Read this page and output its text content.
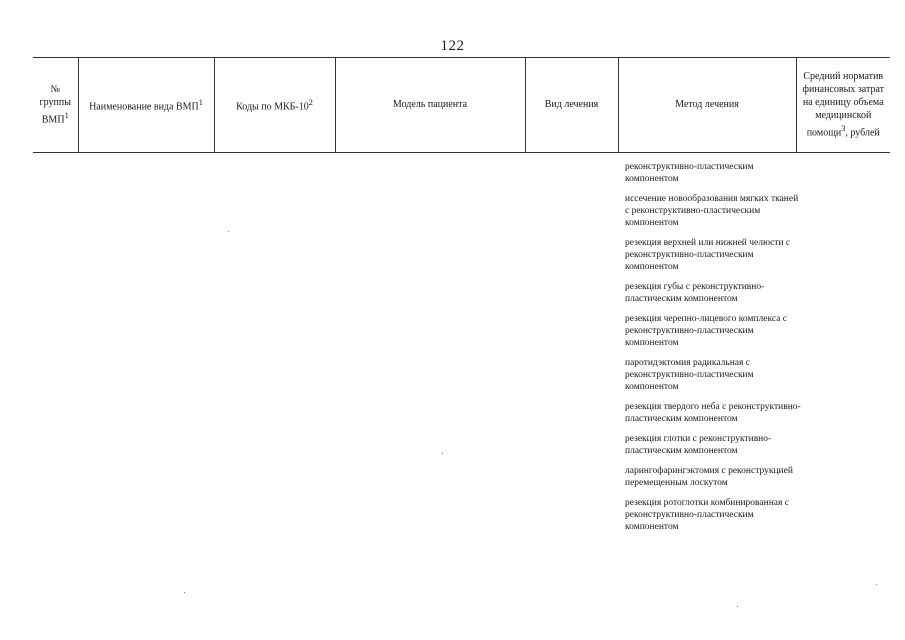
122
№ группы ВМП$^1$	Наименование вида ВМП$^1$	Коды по МКБ-$10^2$	Модель пациента	Вид лечения	Метод лечения	Средний норматив финансовых затрат на единицу объема медицинской помощи$^3$, рублей
реконструктивно-пластическим компонентом
иссечение новообразования мягких тканей с реконструктивно-пластическим компонентом
резекция верхней или нижней челюсти с реконструктивно-пластическим компонентом
резекция губы с реконструктивно-пластическим компонентом
резекция черепно-лицевого комплекса с реконструктивно-пластическим компонентом
паротидэктомия радикальная с реконструктивно-пластическим компонентом
резекция твердого неба с реконструктивно-пластическим компонентом
резекция глотки с реконструктивно-пластическим компонентом
ларингофарингэктомия с реконструкцией перемещенным лоскутом
резекция ротоглотки комбинированная с реконструктивно-пластическим компонентом
